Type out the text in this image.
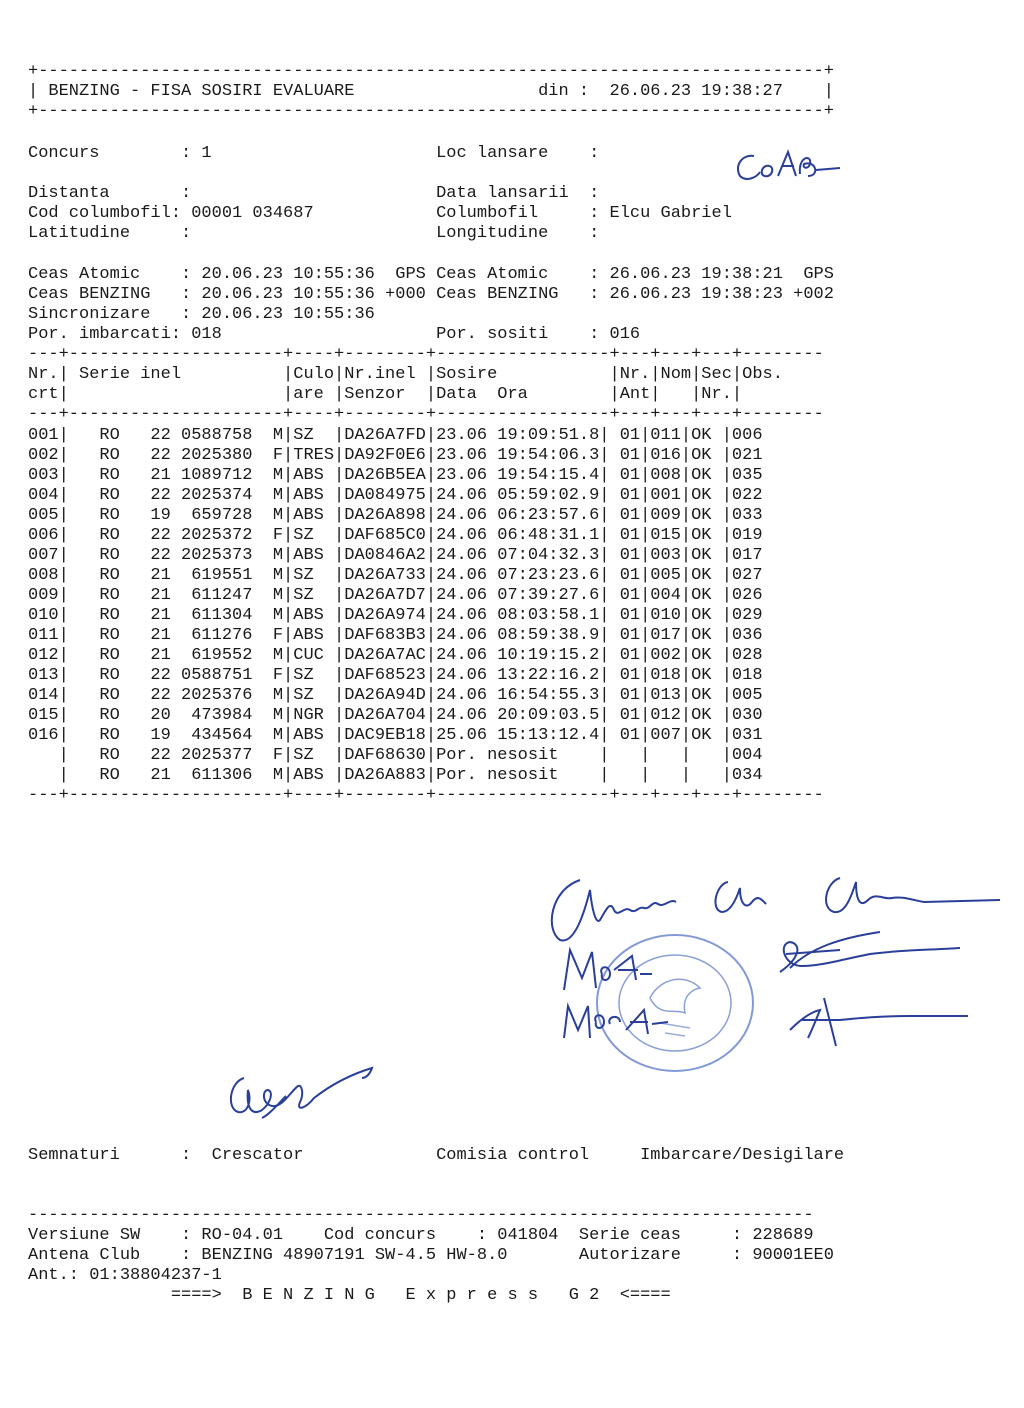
+-----------------------------------------------------------------------------+
| BENZING - FISA SOSIRI EVALUARE                  din :  26.06.23 19:38:27    |
+-----------------------------------------------------------------------------+
Concurs        : 1                      Loc lansare    :
Distanta       :                        Data lansarii  :
Cod columbofil: 00001 034687            Columbofil     : Elcu Gabriel
Latitudine     :                        Longitudine    :
Ceas Atomic    : 20.06.23 10:55:36  GPS Ceas Atomic    : 26.06.23 19:38:21  GPS
Ceas BENZING   : 20.06.23 10:55:36 +000 Ceas BENZING   : 26.06.23 19:38:23 +002
Sincronizare   : 20.06.23 10:55:36
Por. imbarcati: 018                     Por. sositi    : 016
---+---------------------+----+--------+-----------------+---+---+---+--------
Nr.| Serie inel          |Culo|Nr.inel |Sosire           |Nr.|Nom|Sec|Obs.
crt|                     |are |Senzor  |Data  Ora        |Ant|   |Nr.|
---+---------------------+----+--------+-----------------+---+---+---+--------
001|   RO   22 0588758  M|SZ  |DA26A7FD|23.06 19:09:51.8| 01|011|OK |006
002|   RO   22 2025380  F|TRES|DA92F0E6|23.06 19:54:06.3| 01|016|OK |021
003|   RO   21 1089712  M|ABS |DA26B5EA|23.06 19:54:15.4| 01|008|OK |035
004|   RO   22 2025374  M|ABS |DA084975|24.06 05:59:02.9| 01|001|OK |022
005|   RO   19  659728  M|ABS |DA26A898|24.06 06:23:57.6| 01|009|OK |033
006|   RO   22 2025372  F|SZ  |DAF685C0|24.06 06:48:31.1| 01|015|OK |019
007|   RO   22 2025373  M|ABS |DA0846A2|24.06 07:04:32.3| 01|003|OK |017
008|   RO   21  619551  M|SZ  |DA26A733|24.06 07:23:23.6| 01|005|OK |027
009|   RO   21  611247  M|SZ  |DA26A7D7|24.06 07:39:27.6| 01|004|OK |026
010|   RO   21  611304  M|ABS |DA26A974|24.06 08:03:58.1| 01|010|OK |029
011|   RO   21  611276  F|ABS |DAF683B3|24.06 08:59:38.9| 01|017|OK |036
012|   RO   21  619552  M|CUC |DA26A7AC|24.06 10:19:15.2| 01|002|OK |028
013|   RO   22 0588751  F|SZ  |DAF68523|24.06 13:22:16.2| 01|018|OK |018
014|   RO   22 2025376  M|SZ  |DA26A94D|24.06 16:54:55.3| 01|013|OK |005
015|   RO   20  473984  M|NGR |DA26A704|24.06 20:09:03.5| 01|012|OK |030
016|   RO   19  434564  M|ABS |DAC9EB18|25.06 15:13:12.4| 01|007|OK |031
|   RO   22 2025377  F|SZ  |DAF68630|Por. nesosit    |   |   |   |004
|   RO   21  611306  M|ABS |DA26A883|Por. nesosit    |   |   |   |034
---+---------------------+----+--------+-----------------+---+---+---+--------
Semnaturi      :  Crescator             Comisia control     Imbarcare/Desigilare
-----------------------------------------------------------------------------
Versiune SW    : RO-04.01    Cod concurs    : 041804  Serie ceas     : 228689
Antena Club    : BENZING 48907191 SW-4.5 HW-8.0       Autorizare     : 90001EE0
Ant.: 01:38804237-1
====>  B E N Z I N G   E x p r e s s   G 2  <====
